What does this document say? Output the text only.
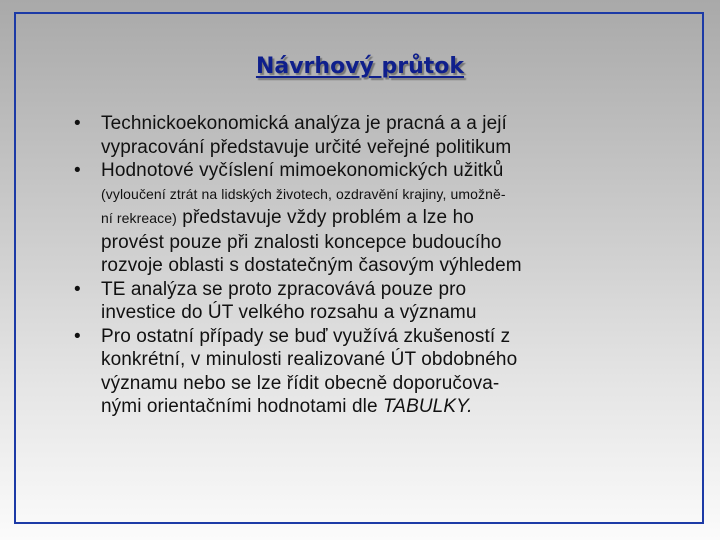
Návrhový průtok
• Technickoekonomická analýza je pracná a a její
vypracování představuje určité veřejné politikum
• Hodnotové vyčíslení mimoekonomických užitků
(vyloučení ztrát na lidských životech, ozdravění krajiny, umožně-
ní rekreace) představuje vždy problém a lze ho
provést pouze při znalosti koncepce budoucího
rozvoje oblasti s dostatečným časovým výhledem
• TE analýza se proto zpracovává pouze pro
investice do ÚT velkého rozsahu a významu
• Pro ostatní případy se buď využívá zkušeností z
konkrétní, v minulosti realizované ÚT obdobného
významu nebo se lze řídit obecně doporučova-
nými orientačními hodnotami dle TABULKY.
